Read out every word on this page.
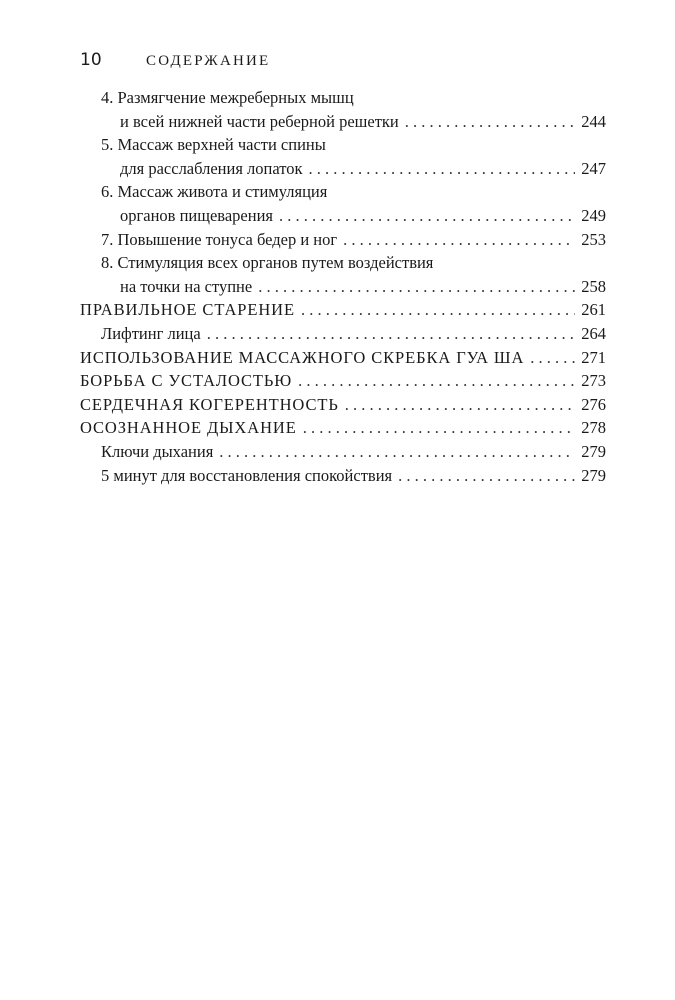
10	СОДЕРЖАНИЕ
4. Размягчение межреберных мышц
и всей нижней части реберной решетки . . .	244
5. Массаж верхней части спины
для расслабления лопаток . . .	247
6. Массаж живота и стимуляция
органов пищеварения . . .	249
7. Повышение тонуса бедер и ног . . .	253
8. Стимуляция всех органов путем воздействия
на точки на ступне . . .	258
ПРАВИЛЬНОЕ СТАРЕНИЕ . . .	261
Лифтинг лица . . .	264
ИСПОЛЬЗОВАНИЕ МАССАЖНОГО СКРЕБКА ГУА ША . . .	271
БОРЬБА С УСТАЛОСТЬЮ . . .	273
СЕРДЕЧНАЯ КОГЕРЕНТНОСТЬ . . .	276
ОСОЗНАННОЕ ДЫХАНИЕ . . .	278
Ключи дыхания . . .	279
5 минут для восстановления спокойствия . . .	279
